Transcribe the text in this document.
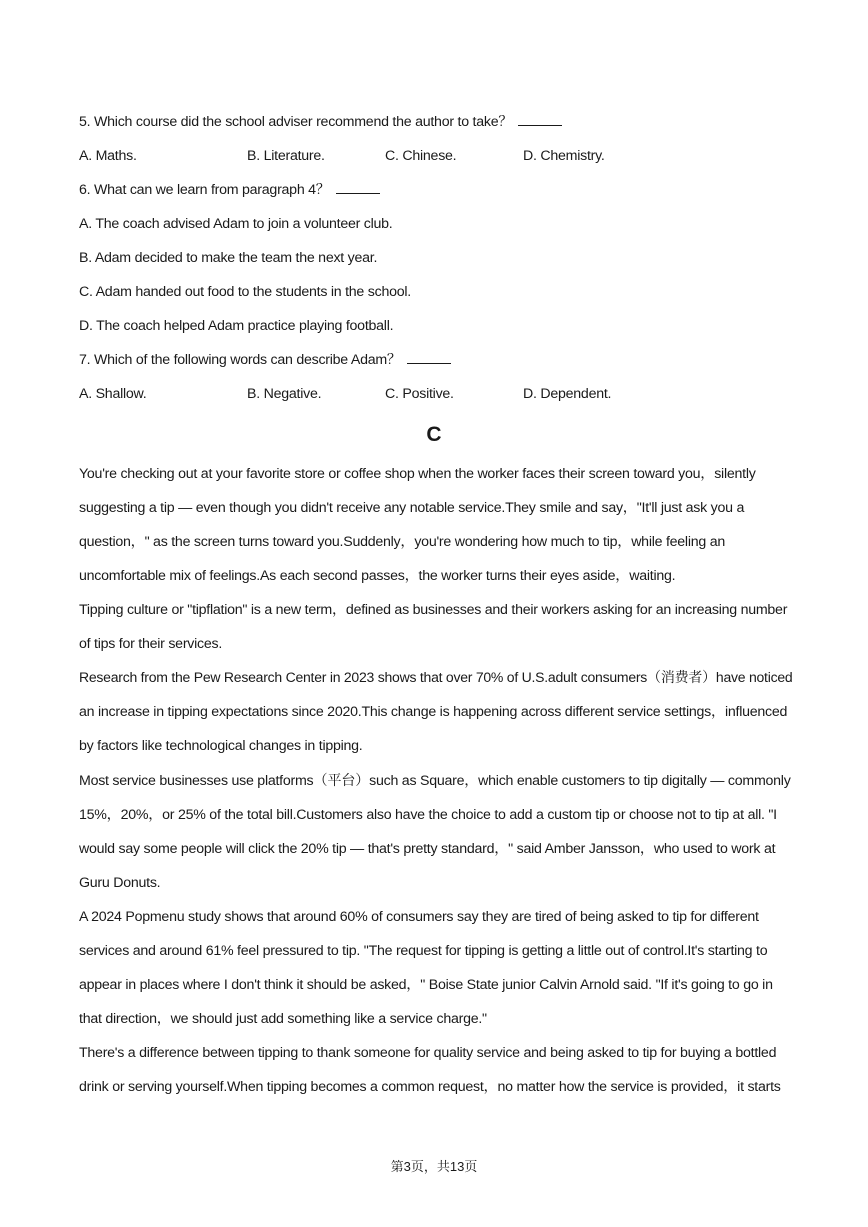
5. Which course did the school adviser recommend the author to take？
A. Maths.	B. Literature.	C. Chinese.	D. Chemistry.
6. What can we learn from paragraph 4？
A. The coach advised Adam to join a volunteer club.
B. Adam decided to make the team the next year.
C. Adam handed out food to the students in the school.
D. The coach helped Adam practice playing football.
7. Which of the following words can describe Adam？
A. Shallow.	B. Negative.	C. Positive.	D. Dependent.
C
You're checking out at your favorite store or coffee shop when the worker faces their screen toward you，silently
suggesting a tip — even though you didn't receive any notable service.They smile and say，"It'll just ask you a
question，" as the screen turns toward you.Suddenly，you're wondering how much to tip，while feeling an
uncomfortable mix of feelings.As each second passes，the worker turns their eyes aside，waiting.
Tipping culture or "tipflation" is a new term，defined as businesses and their workers asking for an increasing number
of tips for their services.
Research from the Pew Research Center in 2023 shows that over 70% of U.S.adult consumers（消费者）have noticed
an increase in tipping expectations since 2020.This change is happening across different service settings，influenced
by factors like technological changes in tipping.
Most service businesses use platforms（平台）such as Square，which enable customers to tip digitally — commonly
15%，20%，or 25% of the total bill.Customers also have the choice to add a custom tip or choose not to tip at all. "I
would say some people will click the 20% tip — that's pretty standard，" said Amber Jansson，who used to work at
Guru Donuts.
A 2024 Popmenu study shows that around 60% of consumers say they are tired of being asked to tip for different
services and around 61% feel pressured to tip. "The request for tipping is getting a little out of control.It's starting to
appear in places where I don't think it should be asked，" Boise State junior Calvin Arnold said. "If it's going to go in
that direction，we should just add something like a service charge."
There's a difference between tipping to thank someone for quality service and being asked to tip for buying a bottled
drink or serving yourself.When tipping becomes a common request，no matter how the service is provided，it starts
第3页，共13页
